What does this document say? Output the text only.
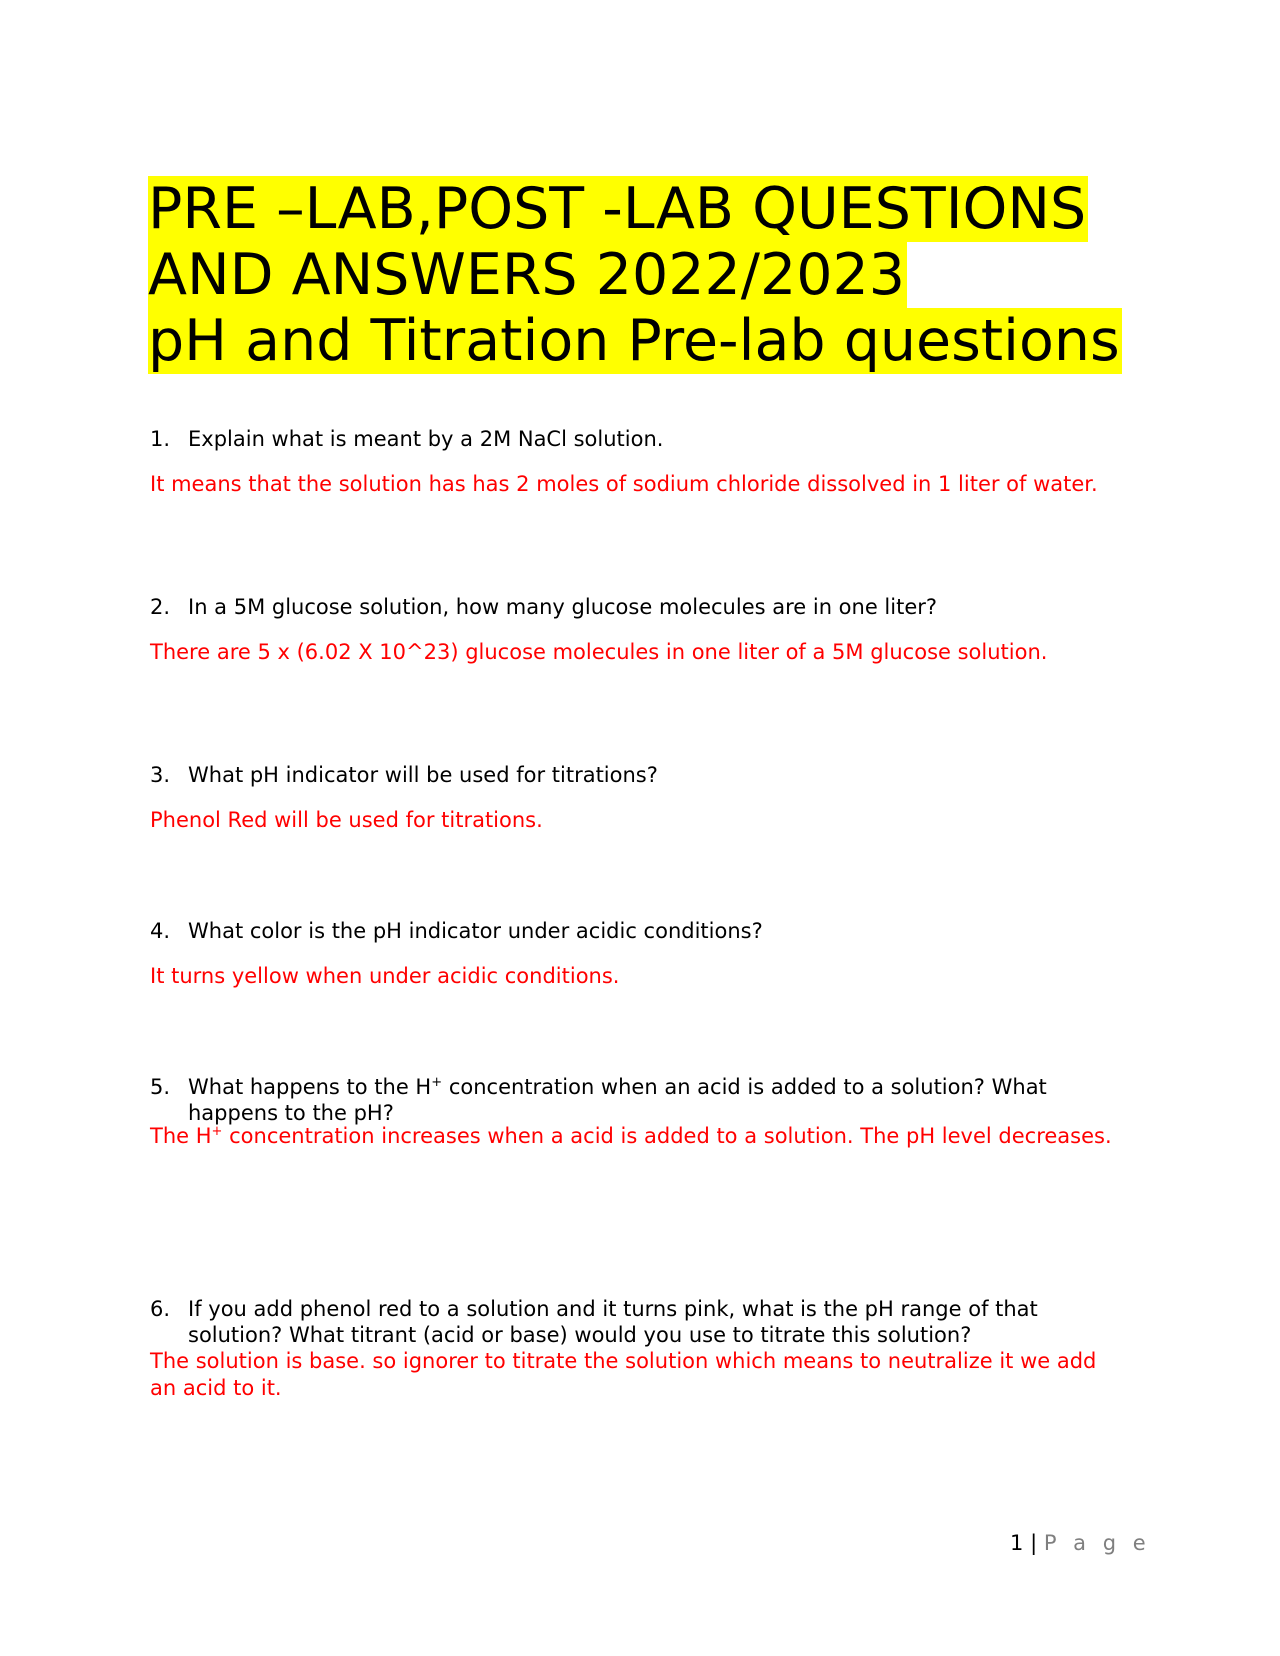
PRE –LAB,POST -LAB QUESTIONS
AND ANSWERS 2022/2023
pH and Titration Pre-lab questions
1. Explain what is meant by a 2M NaCl solution.
It means that the solution has has 2 moles of sodium chloride dissolved in 1 liter of water.
2. In a 5M glucose solution, how many glucose molecules are in one liter?
There are 5 x (6.02 X 10^23) glucose molecules in one liter of a 5M glucose solution.
3. What pH indicator will be used for titrations?
Phenol Red will be used for titrations.
4. What color is the pH indicator under acidic conditions?
It turns yellow when under acidic conditions.
5. What happens to the H+ concentration when an acid is added to a solution? What happens to the pH?
The H+ concentration increases when a acid is added to a solution. The pH level decreases.
6. If you add phenol red to a solution and it turns pink, what is the pH range of that solution? What titrant (acid or base) would you use to titrate this solution?
The solution is base. so ignorer to titrate the solution which means to neutralize it we add an acid to it.
1 | P a g e
